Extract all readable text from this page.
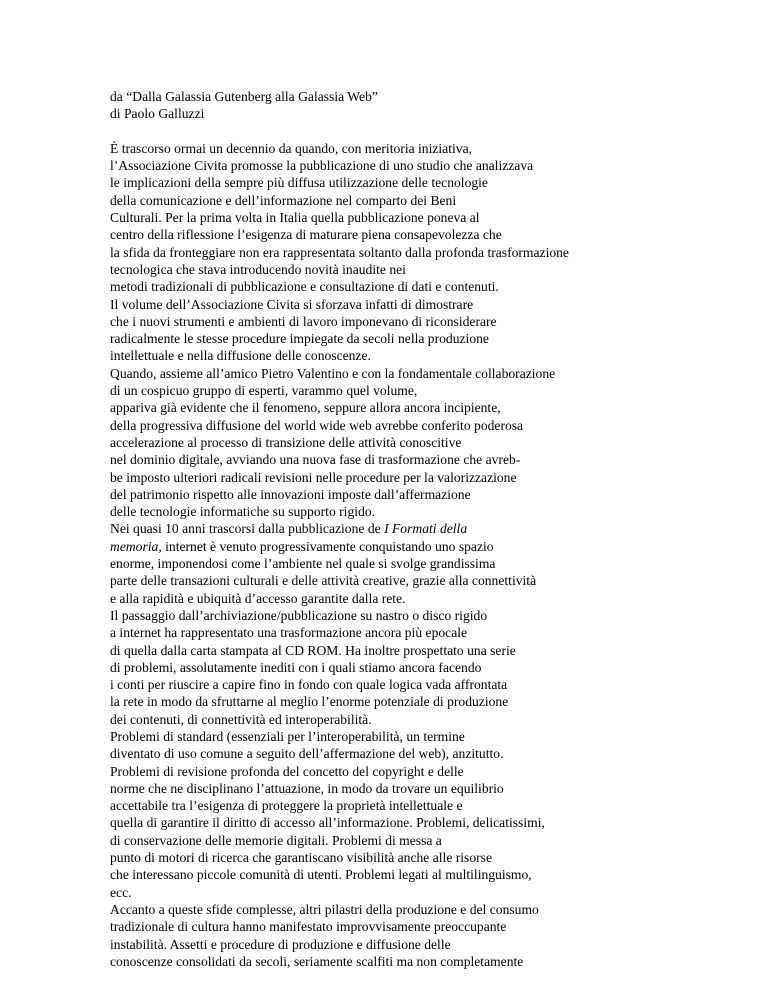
da “Dalla Galassia Gutenberg alla Galassia Web”
di Paolo Galluzzi
È trascorso ormai un decennio da quando, con meritoria iniziativa,
l’Associazione Civita promosse la pubblicazione di uno studio che analizzava
le implicazioni della sempre più diffusa utilizzazione delle tecnologie
della comunicazione e dell’informazione nel comparto dei Beni
Culturali. Per la prima volta in Italia quella pubblicazione poneva al
centro della riflessione l’esigenza di maturare piena consapevolezza che
la sfida da fronteggiare non era rappresentata soltanto dalla profonda trasformazione
tecnologica che stava introducendo novità inaudite nei
metodi tradizionali di pubblicazione e consultazione di dati e contenuti.
Il volume dell’Associazione Civita si sforzava infatti di dimostrare
che i nuovi strumenti e ambienti di lavoro imponevano di riconsiderare
radicalmente le stesse procedure impiegate da secoli nella produzione
intellettuale e nella diffusione delle conoscenze.
Quando, assieme all’amico Pietro Valentino e con la fondamentale collaborazione
di un cospicuo gruppo di esperti, varammo quel volume,
appariva già evidente che il fenomeno, seppure allora ancora incipiente,
della progressiva diffusione del world wide web avrebbe conferito poderosa
accelerazione al processo di transizione delle attività conoscitive
nel dominio digitale, avviando una nuova fase di trasformazione che avreb-
be imposto ulteriori radicali revisioni nelle procedure per la valorizzazione
del patrimonio rispetto alle innovazioni imposte dall’affermazione
delle tecnologie informatiche su supporto rigido.
Nei quasi 10 anni trascorsi dalla pubblicazione de I Formati della
memoria, internet è venuto progressivamente conquistando uno spazio
enorme, imponendosi come l’ambiente nel quale si svolge grandissima
parte delle transazioni culturali e delle attività creative, grazie alla connettività
e alla rapidità e ubiquità d’accesso garantite dalla rete.
Il passaggio dall’archiviazione/pubblicazione su nastro o disco rigido
a internet ha rappresentato una trasformazione ancora più epocale
di quella dalla carta stampata al CD ROM. Ha inoltre prospettato una serie
di problemi, assolutamente inediti con i quali stiamo ancora facendo
i conti per riuscire a capire fino in fondo con quale logica vada affrontata
la rete in modo da sfruttarne al meglio l’enorme potenziale di produzione
dei contenuti, di connettività ed interoperabilità.
Problemi di standard (essenziali per l’interoperabilità, un termine
diventato di uso comune a seguito dell’affermazione del web), anzitutto.
Problemi di revisione profonda del concetto del copyright e delle
norme che ne disciplinano l’attuazione, in modo da trovare un equilibrio
accettabile tra l’esigenza di proteggere la proprietà intellettuale e
quella di garantire il diritto di accesso all’informazione. Problemi, delicatissimi,
di conservazione delle memorie digitali. Problemi di messa a
punto di motori di ricerca che garantiscano visibilità anche alle risorse
che interessano piccole comunità di utenti. Problemi legati al multilinguismo,
ecc.
Accanto a queste sfide complesse, altri pilastri della produzione e del consumo
tradizionale di cultura hanno manifestato improvvisamente preoccupante
instabilità. Assetti e procedure di produzione e diffusione delle
conoscenze consolidati da secoli, seriamente scalfiti ma non completamente
